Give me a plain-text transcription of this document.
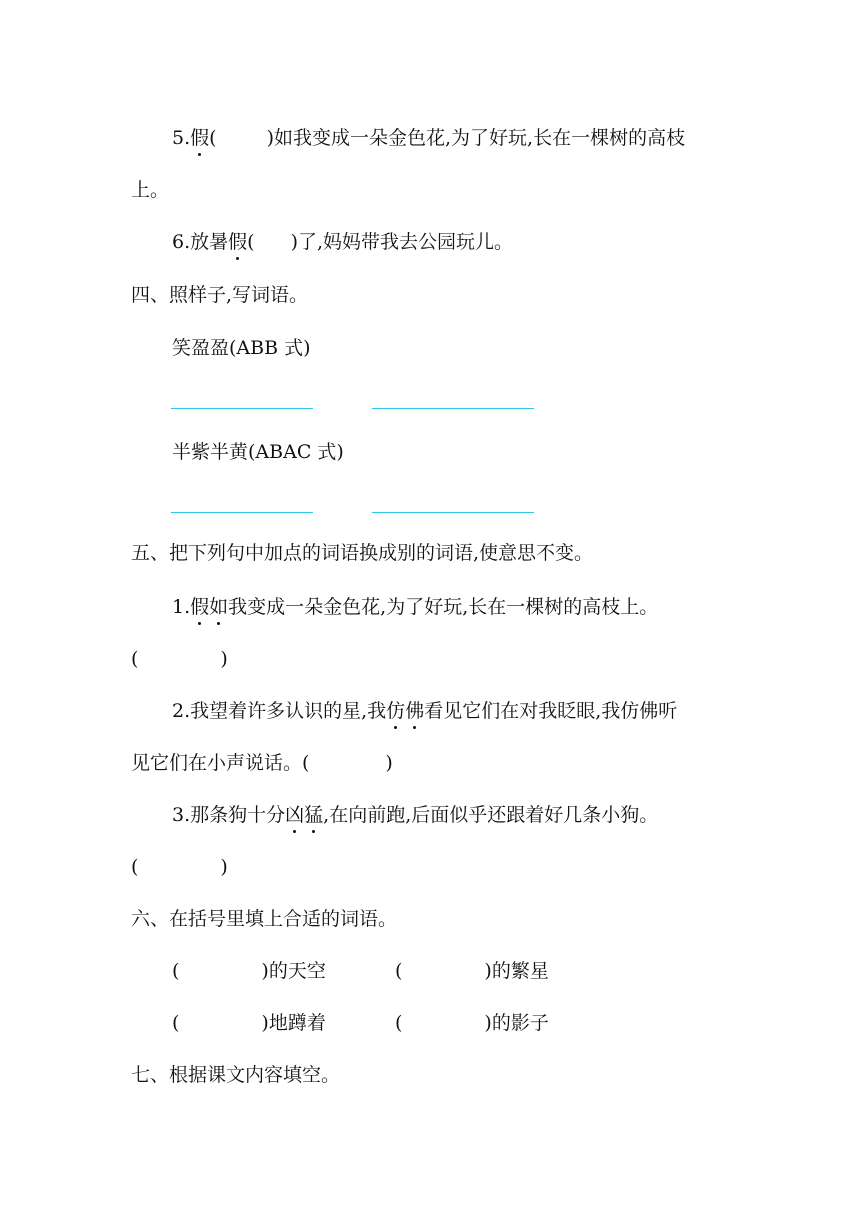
5.假(	)如我变成一朵金色花,为了好玩,长在一棵树的高枝
上。
6.放暑假( )了,妈妈带我去公园玩儿。
四、照样子,写词语。
笑盈盈(ABB 式)
半紫半黄(ABAC 式)
五、把下列句中加点的词语换成别的词语,使意思不变。
1.假如我变成一朵金色花,为了好玩,长在一棵树的高枝上。
(	)
2.我望着许多认识的星,我仿佛看见它们在对我眨眼,我仿佛听
见它们在小声说话。(	)
3.那条狗十分凶猛,在向前跑,后面似乎还跟着好几条小狗。
(	)
六、在括号里填上合适的词语。
(	)的天空	(	)的繁星
(	)地蹲着	(	)的影子
七、根据课文内容填空。
